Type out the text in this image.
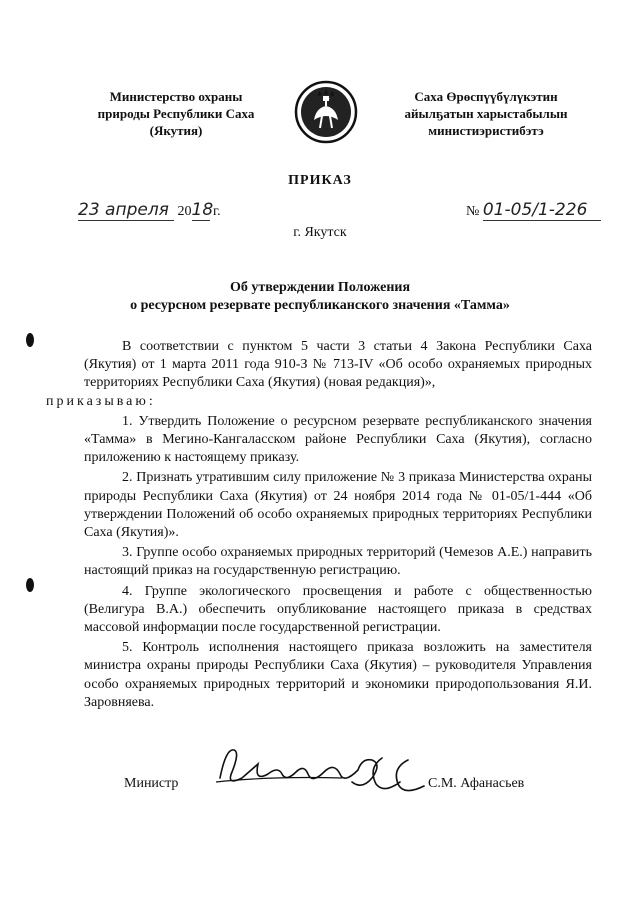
Министерство охраны
природы Республики Саха
(Якутия)
Саха Өрөспүүбүлүкэтин
айылҕатын харыстабылын
министиэристибэтэ
ПРИКАЗ
23 апреля 2018 г.	№ 01-05/1-226
г. Якутск
Об утверждении Положения
о ресурсном резервате республиканского значения «Тамма»

В соответствии с пунктом 5 части 3 статьи 4 Закона Республики Саха (Якутия) от 1 марта 2011 года 910-З № 713-IV «Об особо охраняемых природных территориях Республики Саха (Якутия) (новая редакция)»,
приказываю:

1. Утвердить Положение о ресурсном резервате республиканского значения «Тамма» в Мегино-Кангаласском районе Республики Саха (Якутия), согласно приложению к настоящему приказу.

2. Признать утратившим силу приложение № 3 приказа Министерства охраны природы Республики Саха (Якутия) от 24 ноября 2014 года № 01-05/1-444 «Об утверждении Положений об особо охраняемых природных территориях Республики Саха (Якутия)».

3. Группе особо охраняемых природных территорий (Чемезов А.Е.) направить настоящий приказ на государственную регистрацию.

4. Группе экологического просвещения и работе с общественностью (Велигура В.А.) обеспечить опубликование настоящего приказа в средствах массовой информации после государственной регистрации.

5. Контроль исполнения настоящего приказа возложить на заместителя министра охраны природы Республики Саха (Якутия) – руководителя Управления особо охраняемых природных территорий и экономики природопользования Я.И. Заровняева.

Министр	С.М. Афанасьев
